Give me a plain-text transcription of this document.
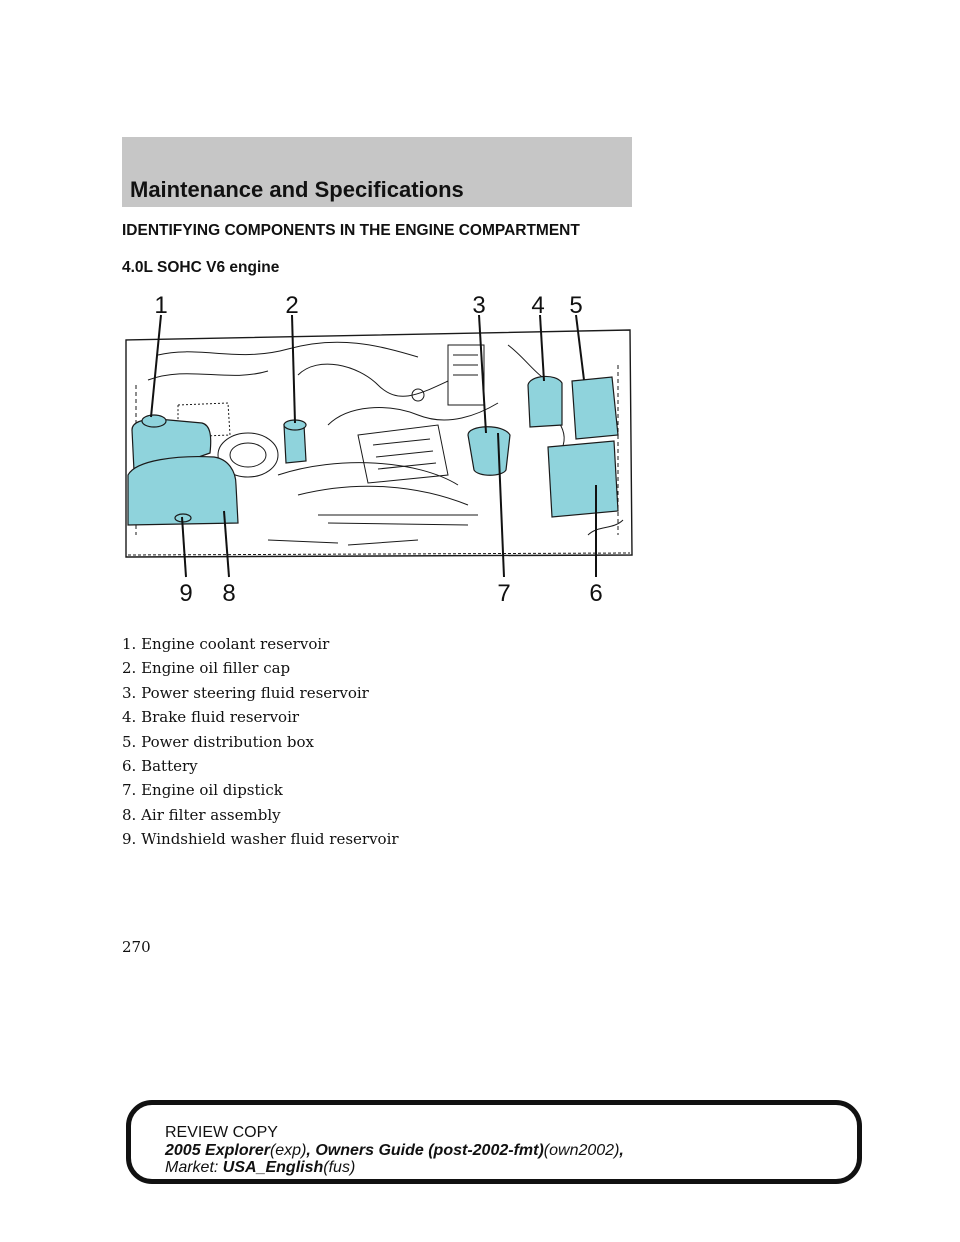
Maintenance and Specifications
IDENTIFYING COMPONENTS IN THE ENGINE COMPARTMENT
4.0L SOHC V6 engine
1	2	3 4 5
6
7
8
9
1. Engine coolant reservoir
2. Engine oil filler cap
3. Power steering fluid reservoir
4. Brake fluid reservoir
5. Power distribution box
6. Battery
7. Engine oil dipstick
8. Air filter assembly
9. Windshield washer fluid reservoir
270
REVIEW COPY
2005 Explorer(exp), Owners Guide (post-2002-fmt)(own2002),
Market: USA_English(fus)
